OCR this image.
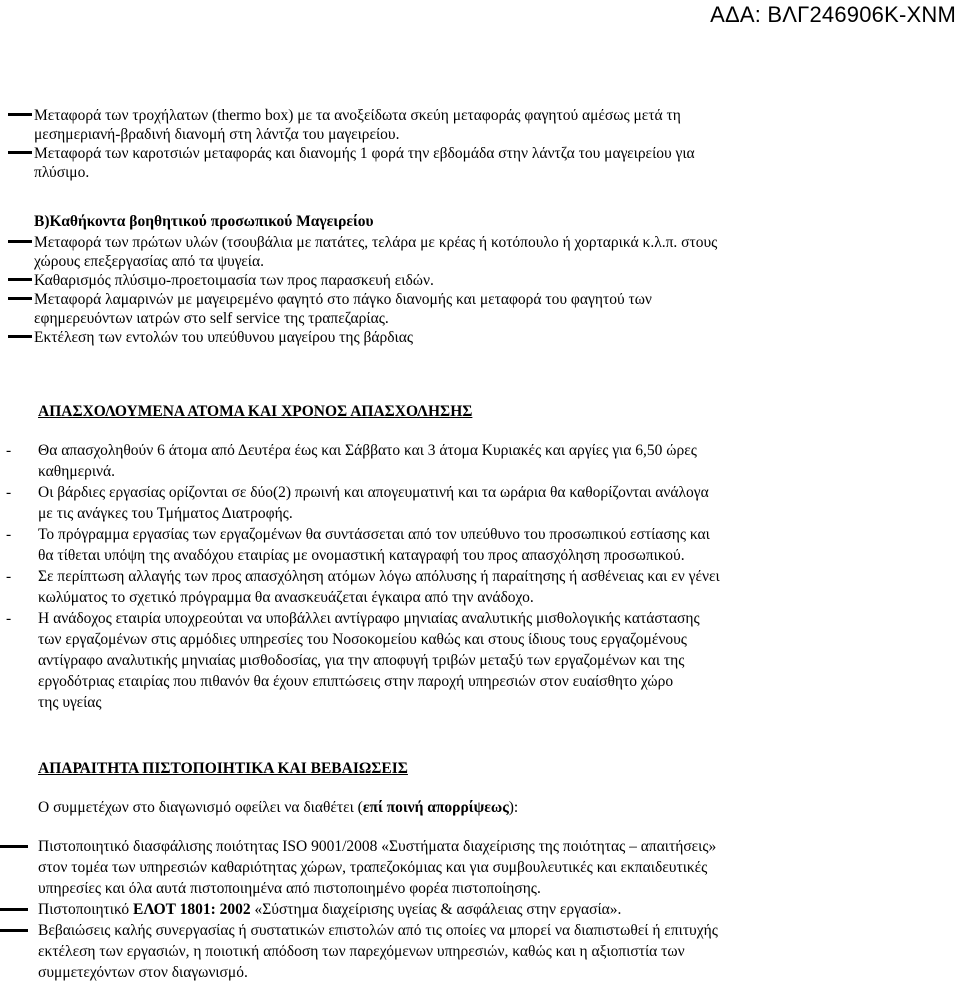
ΑΔΑ: ΒΛΓ246906Κ-ΧΝΜ
Μεταφορά των τροχήλατων (thermo box) με τα ανοξείδωτα σκεύη μεταφοράς φαγητού αμέσως μετά τη
μεσημεριανή-βραδινή διανομή στη λάντζα του μαγειρείου.
Μεταφορά των καροτσιών μεταφοράς και διανομής 1 φορά την εβδομάδα στην λάντζα του μαγειρείου για
πλύσιμο.
Β)Καθήκοντα βοηθητικού προσωπικού Μαγειρείου
Μεταφορά των πρώτων υλών (τσουβάλια με πατάτες, τελάρα με κρέας ή κοτόπουλο ή χορταρικά κ.λ.π. στους
χώρους επεξεργασίας από τα ψυγεία.
Καθαρισμός πλύσιμο-προετοιμασία των προς παρασκευή ειδών.
Μεταφορά λαμαρινών με μαγειρεμένο φαγητό στο πάγκο διανομής και μεταφορά του φαγητού των
εφημερευόντων ιατρών στο self service της τραπεζαρίας.
Εκτέλεση των εντολών του υπεύθυνου μαγείρου της βάρδιας
ΑΠΑΣΧΟΛΟΥΜΕΝΑ ΑΤΟΜΑ ΚΑΙ ΧΡΟΝΟΣ ΑΠΑΣΧΟΛΗΣΗΣ
- Θα απασχοληθούν 6 άτομα από Δευτέρα έως και Σάββατο και 3 άτομα Κυριακές και αργίες για 6,50 ώρες
καθημερινά.
- Οι βάρδιες εργασίας ορίζονται σε δύο(2) πρωινή και απογευματινή και τα ωράρια θα καθορίζονται ανάλογα
με τις ανάγκες του Τμήματος Διατροφής.
- Το πρόγραμμα εργασίας των εργαζομένων θα συντάσσεται από τον υπεύθυνο του προσωπικού εστίασης και
θα τίθεται υπόψη της αναδόχου εταιρίας με ονομαστική καταγραφή του προς απασχόληση προσωπικού.
- Σε περίπτωση αλλαγής των προς απασχόληση ατόμων λόγω απόλυσης ή παραίτησης ή ασθένειας και εν γένει
κωλύματος το σχετικό πρόγραμμα θα ανασκευάζεται έγκαιρα από την ανάδοχο.
- Η ανάδοχος εταιρία υποχρεούται να υποβάλλει αντίγραφο μηνιαίας αναλυτικής μισθολογικής κατάστασης
των εργαζομένων στις αρμόδιες υπηρεσίες του Νοσοκομείου καθώς και στους ίδιους τους εργαζομένους
αντίγραφο αναλυτικής μηνιαίας μισθοδοσίας, για την αποφυγή τριβών μεταξύ των εργαζομένων και της
εργοδότριας εταιρίας που πιθανόν θα έχουν επιπτώσεις στην παροχή υπηρεσιών στον ευαίσθητο χώρο
της υγείας
ΑΠΑΡΑΙΤΗΤΑ ΠΙΣΤΟΠΟΙΗΤΙΚΑ ΚΑΙ ΒΕΒΑΙΩΣΕΙΣ
Ο συμμετέχων στο διαγωνισμό οφείλει να διαθέτει (επί ποινή απορρίψεως):
Πιστοποιητικό διασφάλισης ποιότητας ISO 9001/2008 «Συστήματα διαχείρισης της ποιότητας – απαιτήσεις»
στον τομέα των υπηρεσιών καθαριότητας χώρων, τραπεζοκόμιας και για συμβουλευτικές και εκπαιδευτικές
υπηρεσίες και όλα αυτά πιστοποιημένα από πιστοποιημένο φορέα πιστοποίησης.
Πιστοποιητικό ΕΛΟΤ 1801: 2002 «Σύστημα διαχείρισης υγείας & ασφάλειας στην εργασία».
Βεβαιώσεις καλής συνεργασίας ή συστατικών επιστολών από τις οποίες να μπορεί να διαπιστωθεί ή επιτυχής
εκτέλεση των εργασιών, η ποιοτική απόδοση των παρεχόμενων υπηρεσιών, καθώς και η αξιοπιστία των
συμμετεχόντων στον διαγωνισμό.
